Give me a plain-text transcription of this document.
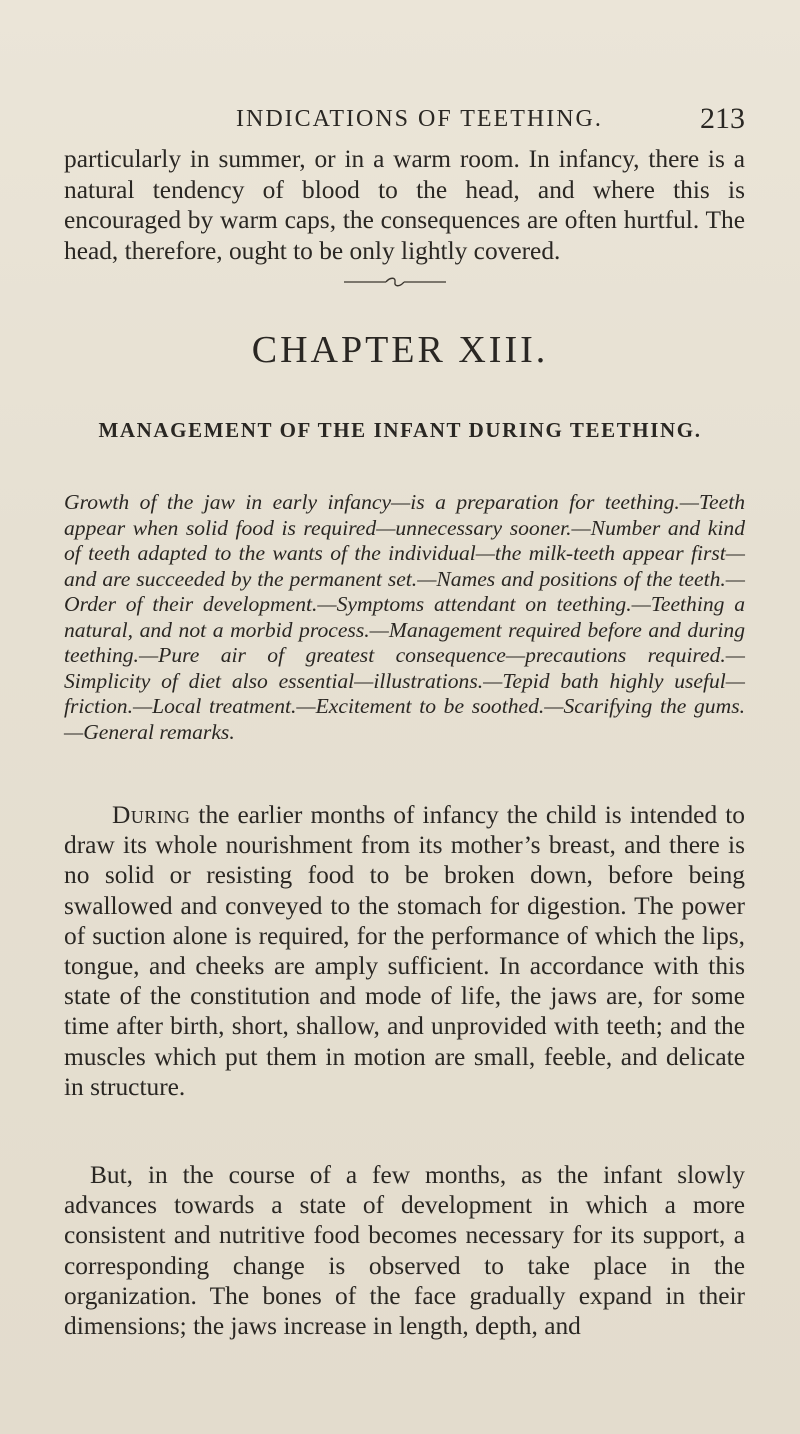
INDICATIONS OF TEETHING.	213

particularly in summer, or in a warm room. In infancy, there is a natural tendency of blood to the head, and where this is encouraged by warm caps, the consequences are often hurtful. The head, therefore, ought to be only lightly covered.

CHAPTER XIII.
MANAGEMENT OF THE INFANT DURING TEETHING.

Growth of the jaw in early infancy—is a preparation for teething.—Teeth appear when solid food is required—unnecessary sooner.—Number and kind of teeth adapted to the wants of the individual—the milk-teeth appear first—and are succeeded by the permanent set.—Names and positions of the teeth.—Order of their development.—Symptoms attendant on teething.—Teething a natural, and not a morbid process.—Management required before and during teething.—Pure air of greatest consequence—precautions required.—Simplicity of diet also essential—illustrations.—Tepid bath highly useful—friction.—Local treatment.—Excitement to be soothed.—Scarifying the gums.—General remarks.

During the earlier months of infancy the child is intended to draw its whole nourishment from its mother’s breast, and there is no solid or resisting food to be broken down, before being swallowed and conveyed to the stomach for digestion. The power of suction alone is required, for the performance of which the lips, tongue, and cheeks are amply sufficient. In accordance with this state of the constitution and mode of life, the jaws are, for some time after birth, short, shallow, and unprovided with teeth; and the muscles which put them in motion are small, feeble, and delicate in structure.

But, in the course of a few months, as the infant slowly advances towards a state of development in which a more consistent and nutritive food becomes necessary for its support, a corresponding change is observed to take place in the organization. The bones of the face gradually expand in their dimensions; the jaws increase in length, depth, and
